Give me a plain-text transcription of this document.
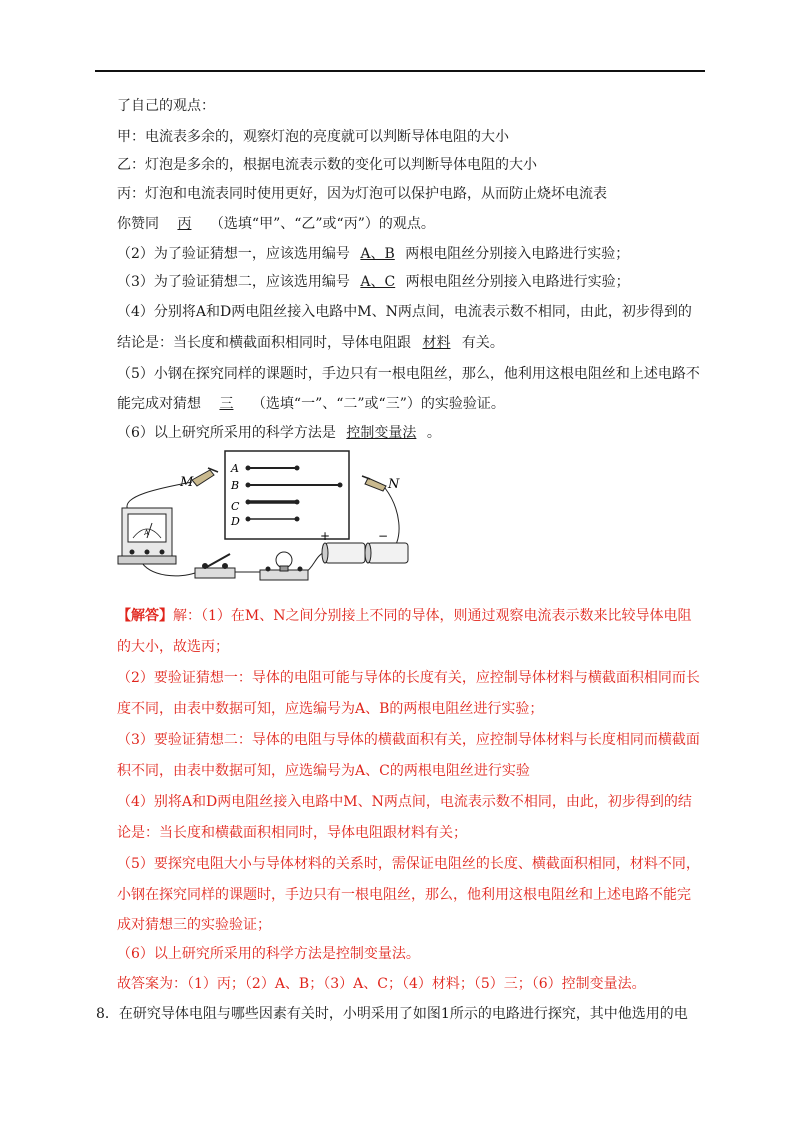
了自己的观点：
甲：电流表多余的，观察灯泡的亮度就可以判断导体电阻的大小
乙：灯泡是多余的，根据电流表示数的变化可以判断导体电阻的大小
丙：灯泡和电流表同时使用更好，因为灯泡可以保护电路，从而防止烧坏电流表
你赞同 丙 （选填“甲”、“乙”或“丙”）的观点。
（2）为了验证猜想一，应该选用编号 A、B 两根电阻丝分别接入电路进行实验；
（3）为了验证猜想二，应该选用编号 A、C 两根电阻丝分别接入电路进行实验；
（4）分别将A和D两电阻丝接入电路中M、N两点间，电流表示数不相同，由此，初步得到的
结论是：当长度和横截面积相同时，导体电阻跟 材料 有关。
（5）小钢在探究同样的课题时，手边只有一根电阻丝，那么，他利用这根电阻丝和上述电路不
能完成对猜想 三 （选填“一”、“二”或“三”）的实验验证。
（6）以上研究所采用的科学方法是 控制变量法 。
A
B
C
D
M	N
A	+	−
【解答】解：（1）在M、N之间分别接上不同的导体，则通过观察电流表示数来比较导体电阻
的大小，故选丙；
（2）要验证猜想一：导体的电阻可能与导体的长度有关，应控制导体材料与横截面积相同而长
度不同，由表中数据可知，应选编号为A、B的两根电阻丝进行实验；
（3）要验证猜想二：导体的电阻与导体的横截面积有关，应控制导体材料与长度相同而横截面
积不同，由表中数据可知，应选编号为A、C的两根电阻丝进行实验
（4）别将A和D两电阻丝接入电路中M、N两点间，电流表示数不相同，由此，初步得到的结
论是：当长度和横截面积相同时，导体电阻跟材料有关；
（5）要探究电阻大小与导体材料的关系时，需保证电阻丝的长度、横截面积相同，材料不同，
小钢在探究同样的课题时，手边只有一根电阻丝，那么，他利用这根电阻丝和上述电路不能完
成对猜想三的实验验证；
（6）以上研究所采用的科学方法是控制变量法。
故答案为：（1）丙；（2）A、B；（3）A、C；（4）材料；（5）三；（6）控制变量法。
8．在研究导体电阻与哪些因素有关时，小明采用了如图1所示的电路进行探究，其中他选用的电
